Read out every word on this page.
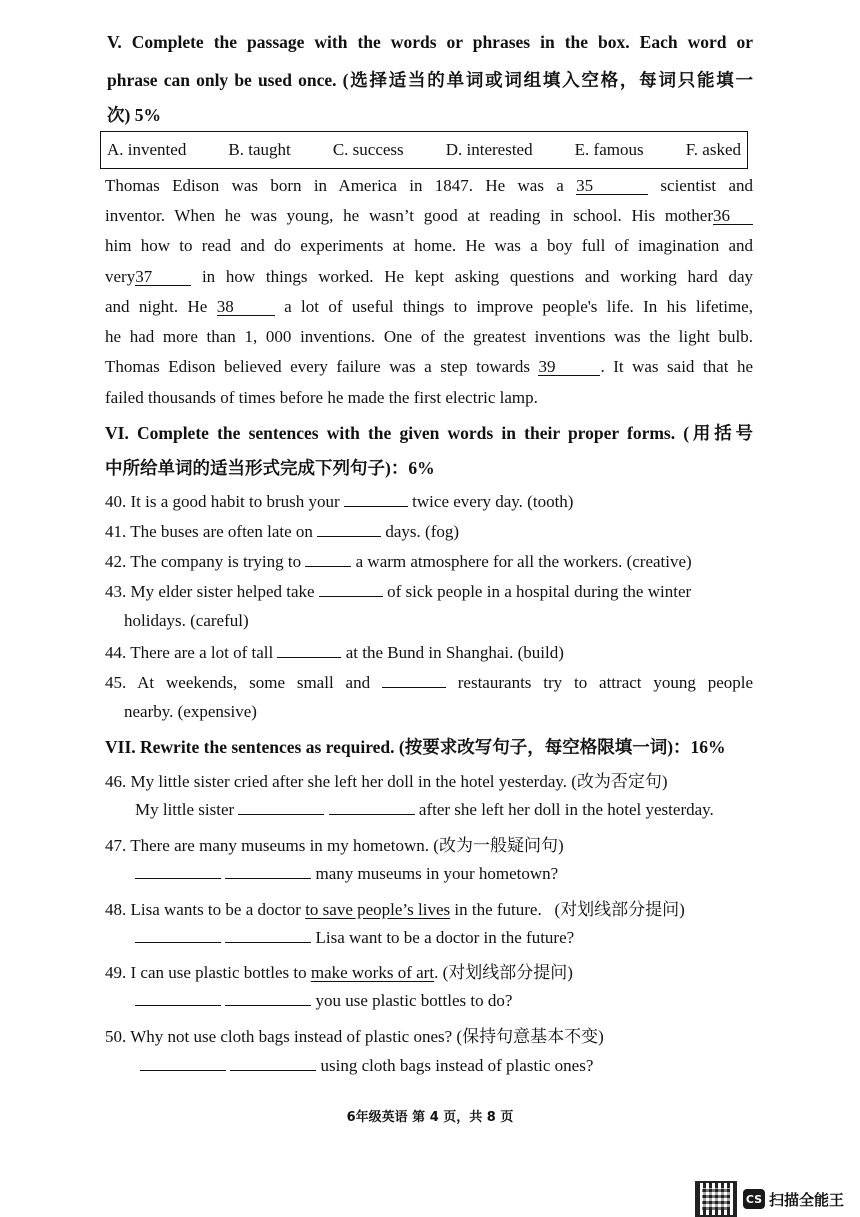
V. Complete the passage with the words or phrases in the box. Each word or
phrase can only be used once. (选择适当的单词或词组填入空格，每词只能填一
次) 5%
A. invented B. taught C. success D. interested E. famous F. asked
Thomas Edison was born in America in 1847. He was a 35	scientist and
inventor. When he was young, he wasn’t good at reading in school. His mother36
him how to read and do experiments at home. He was a boy full of imagination and
very37 in how things worked. He kept asking questions and working hard day
and night. He 38 a lot of useful things to improve people's life. In his lifetime,
he had more than 1, 000 inventions. One of the greatest inventions was the light bulb.
Thomas Edison believed every failure was a step towards 39	. It was said that he
failed thousands of times before he made the first electric lamp.
VI. Complete the sentences with the given words in their proper forms. (用括号
中所给单词的适当形式完成下列句子)：6%
40. It is a good habit to brush your	twice every day. (tooth)
41. The buses are often late on	days. (fog)
42. The company is trying to	a warm atmosphere for all the workers. (creative)
43. My elder sister helped take	of sick people in a hospital during the winter
holidays. (careful)
44. There are a lot of tall	at the Bund in Shanghai. (build)
45. At weekends, some small and	restaurants try to attract young people
nearby. (expensive)
VII. Rewrite the sentences as required. (按要求改写句子，每空格限填一词)：16%
46. My little sister cried after she left her doll in the hotel yesterday. (改为否定句)
My little sister	after she left her doll in the hotel yesterday.
47. There are many museums in my hometown. (改为一般疑问句)
many museums in your hometown?
48. Lisa wants to be a doctor to save people’s lives in the future. (对划线部分提问)
Lisa want to be a doctor in the future?
49. I can use plastic bottles to make works of art. (对划线部分提问)
you use plastic bottles to do?
50. Why not use cloth bags instead of plastic ones? (保持句意基本不变)
using cloth bags instead of plastic ones?
6年级英语 第 4 页，共 8 页
CS 扫描全能王
